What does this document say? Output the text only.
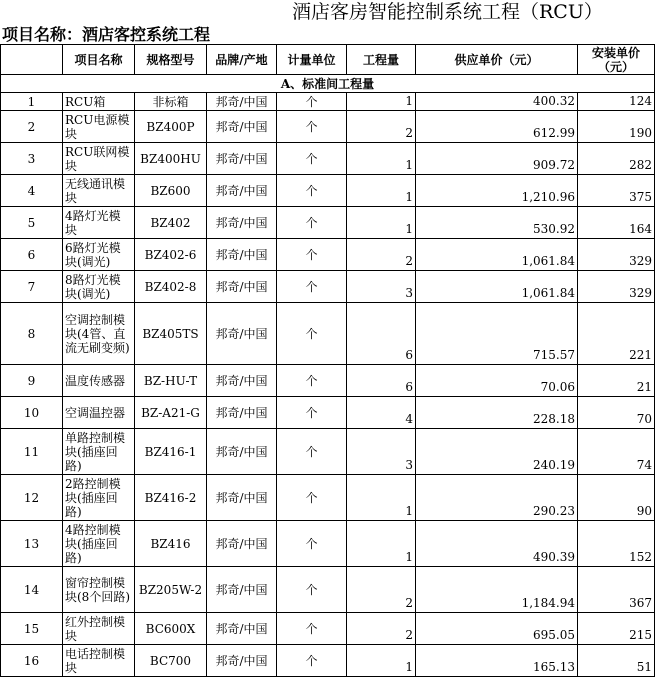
酒店客房智能控制系统工程（RCU）
项目名称：酒店客控系统工程
	项目名称	规格型号	品牌/产地	计量单位	工程量	供应单价（元）	安装单价（元）
A、标准间工程量							
1	RCU箱	非标箱	邦奇/中国	个	1	400.32	124
2	RCU电源模块	BZ400P	邦奇/中国	个	2	612.99	190
3	RCU联网模块	BZ400HU	邦奇/中国	个	1	909.72	282
4	无线通讯模块	BZ600	邦奇/中国	个	1	1,210.96	375
5	4路灯光模块	BZ402	邦奇/中国	个	1	530.92	164
6	6路灯光模块(调光)	BZ402-6	邦奇/中国	个	2	1,061.84	329
7	8路灯光模块(调光)	BZ402-8	邦奇/中国	个	3	1,061.84	329
8	空调控制模块(4管、直流无刷变频)	BZ405TS	邦奇/中国	个	6	715.57	221
9	温度传感器	BZ-HU-T	邦奇/中国	个	6	70.06	21
10	空调温控器	BZ-A21-G	邦奇/中国	个	4	228.18	70
11	单路控制模块(插座回路)	BZ416-1	邦奇/中国	个	3	240.19	74
12	2路控制模块(插座回路)	BZ416-2	邦奇/中国	个	1	290.23	90
13	4路控制模块(插座回路)	BZ416	邦奇/中国	个	1	490.39	152
14	窗帘控制模块(8个回路)	BZ205W-2	邦奇/中国	个	2	1,184.94	367
15	红外控制模块	BC600X	邦奇/中国	个	2	695.05	215
16	电话控制模块	BC700	邦奇/中国	个	1	165.13	51
